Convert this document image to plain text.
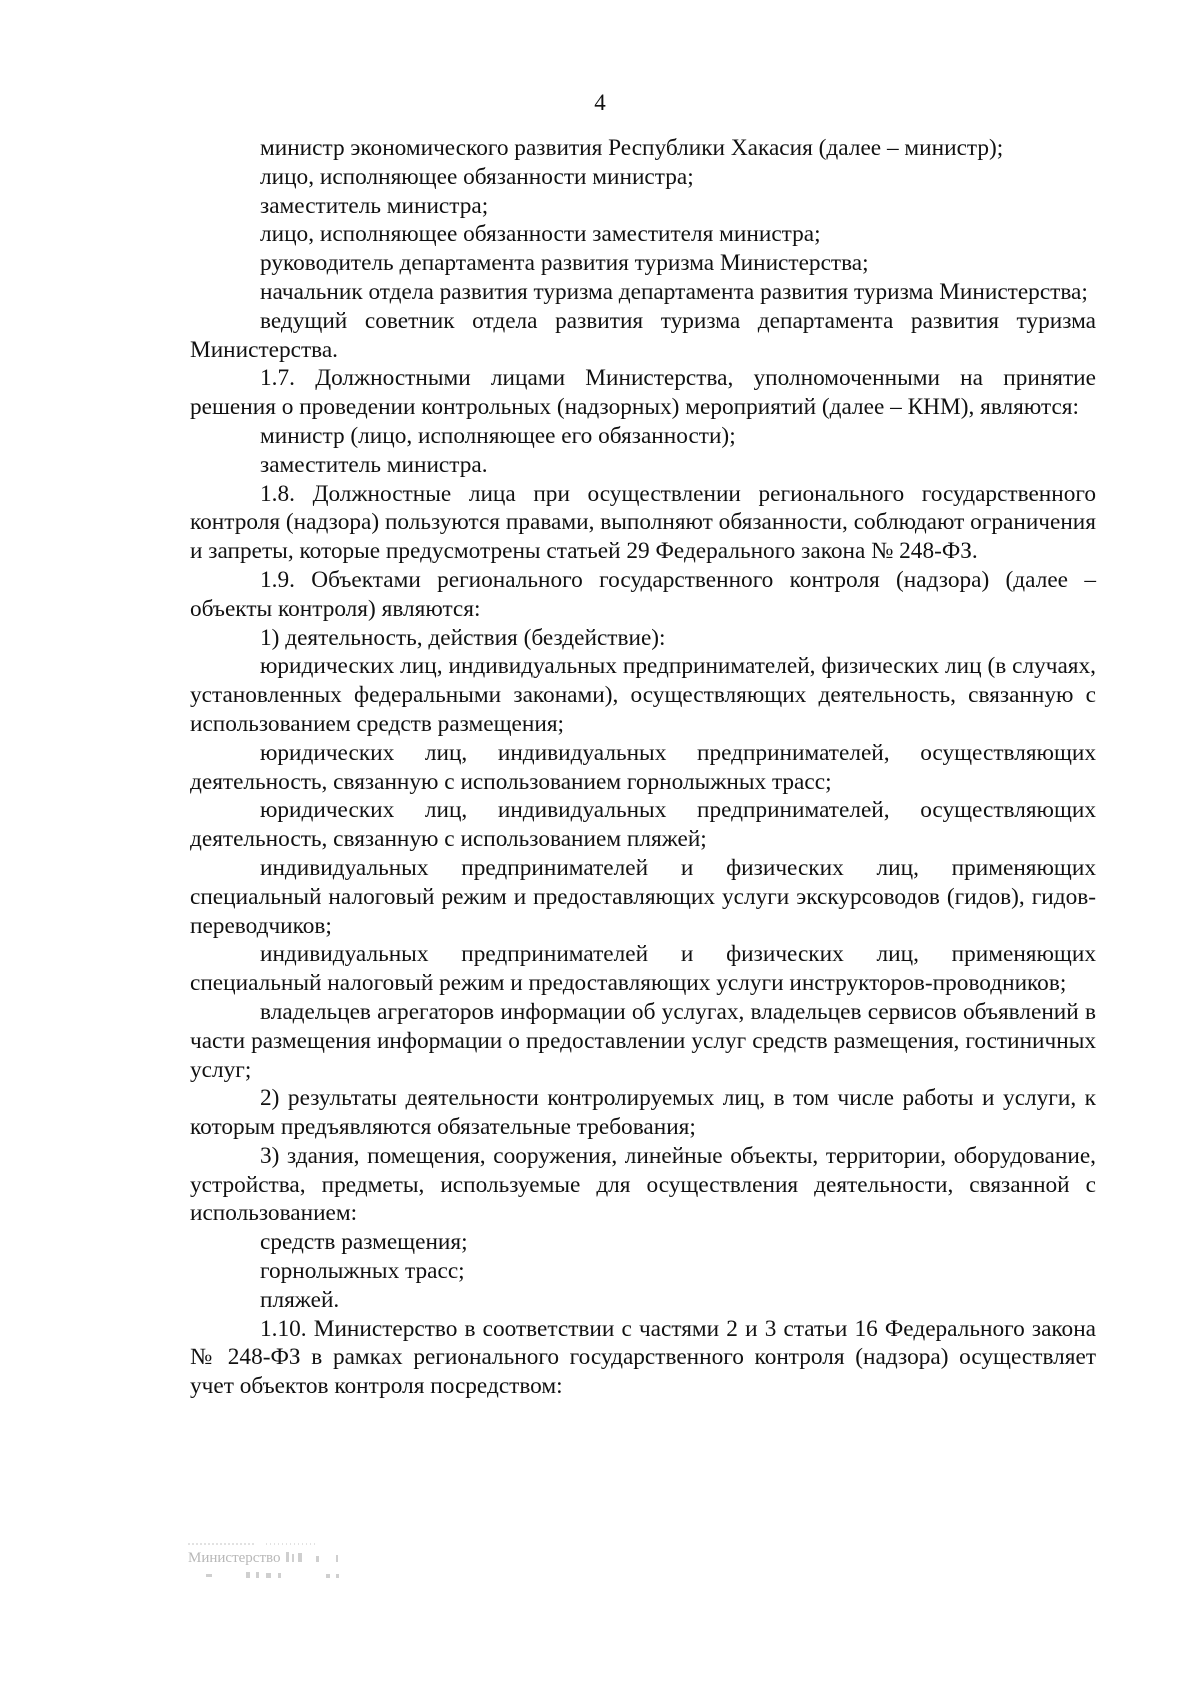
4

министр экономического развития Республики Хакасия (далее – министр);

лицо, исполняющее обязанности министра;

заместитель министра;

лицо, исполняющее обязанности заместителя министра;

руководитель департамента развития туризма Министерства;

начальник отдела развития туризма департамента развития туризма Министерства;

ведущий советник отдела развития туризма департамента развития туризма Министерства.

1.7. Должностными лицами Министерства, уполномоченными на принятие решения о проведении контрольных (надзорных) мероприятий (далее – КНМ), являются:

министр (лицо, исполняющее его обязанности);

заместитель министра.

1.8. Должностные лица при осуществлении регионального государственного контроля (надзора) пользуются правами, выполняют обязанности, соблюдают ограничения и запреты, которые предусмотрены статьей 29 Федерального закона № 248-ФЗ.

1.9. Объектами регионального государственного контроля (надзора) (далее – объекты контроля) являются:

1) деятельность, действия (бездействие):

юридических лиц, индивидуальных предпринимателей, физических лиц (в случаях, установленных федеральными законами), осуществляющих деятельность, связанную с использованием средств размещения;

юридических лиц, индивидуальных предпринимателей, осуществляющих деятельность, связанную с использованием горнолыжных трасс;

юридических лиц, индивидуальных предпринимателей, осуществляющих деятельность, связанную с использованием пляжей;

индивидуальных предпринимателей и физических лиц, применяющих специальный налоговый режим и предоставляющих услуги экскурсоводов (гидов), гидов-переводчиков;

индивидуальных предпринимателей и физических лиц, применяющих специальный налоговый режим и предоставляющих услуги инструкторов-проводников;

владельцев агрегаторов информации об услугах, владельцев сервисов объявлений в части размещения информации о предоставлении услуг средств размещения, гостиничных услуг;

2) результаты деятельности контролируемых лиц, в том числе работы и услуги, к которым предъявляются обязательные требования;

3) здания, помещения, сооружения, линейные объекты, территории, оборудование, устройства, предметы, используемые для осуществления деятельности, связанной с использованием:

средств размещения;

горнолыжных трасс;

пляжей.

1.10. Министерство в соответствии с частями 2 и 3 статьи 16 Федерального закона № 248-ФЗ в рамках регионального государственного контроля (надзора) осуществляет учет объектов контроля посредством:

Министерство
